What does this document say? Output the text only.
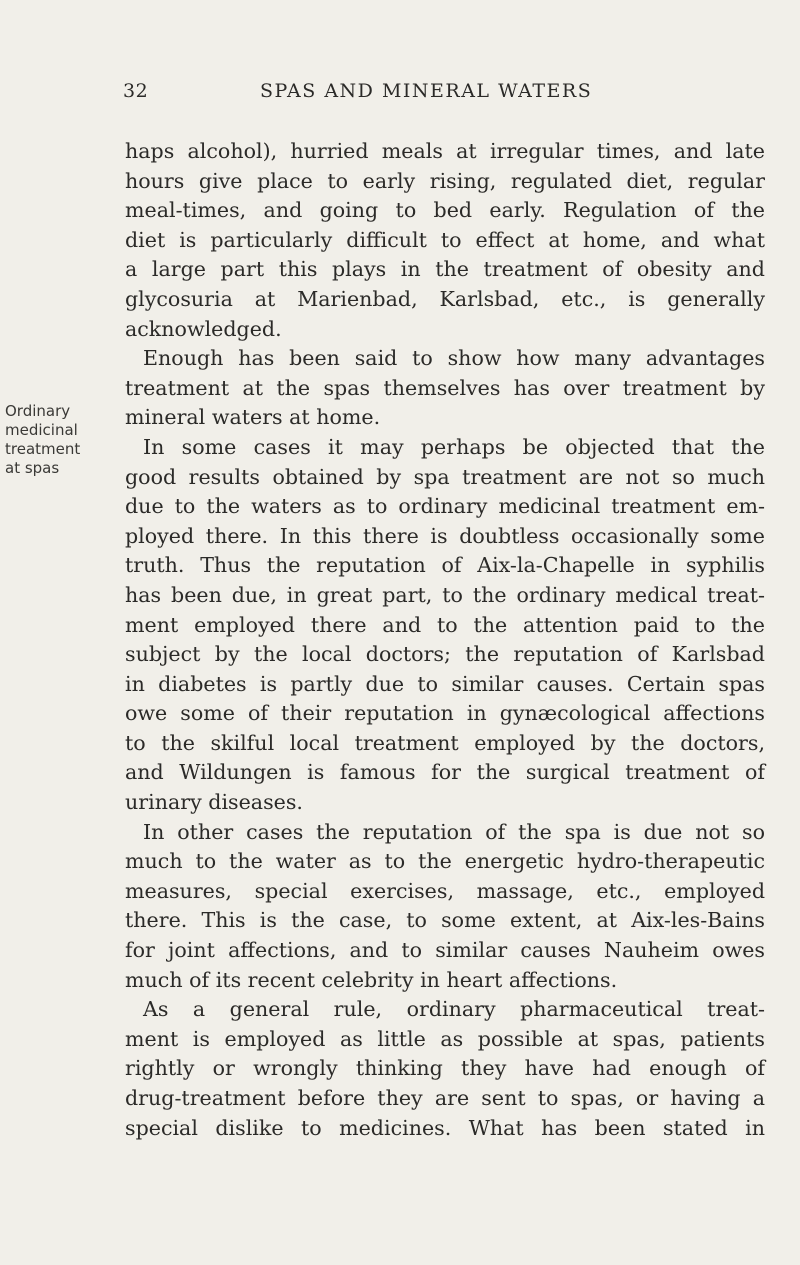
32	SPAS AND MINERAL WATERS
Ordinary
medicinal
treatment
at spas
haps alcohol), hurried meals at irregular times, and late
hours give place to early rising, regulated diet, regular
meal-times, and going to bed early. Regulation of the
diet is particularly difficult to effect at home, and what
a large part this plays in the treatment of obesity and
glycosuria at Marienbad, Karlsbad, etc., is generally
acknowledged.
Enough has been said to show how many advantages
treatment at the spas themselves has over treatment by
mineral waters at home.
In some cases it may perhaps be objected that the
good results obtained by spa treatment are not so much
due to the waters as to ordinary medicinal treatment em-
ployed there. In this there is doubtless occasionally some
truth. Thus the reputation of Aix-la-Chapelle in syphilis
has been due, in great part, to the ordinary medical treat-
ment employed there and to the attention paid to the
subject by the local doctors; the reputation of Karlsbad
in diabetes is partly due to similar causes. Certain spas
owe some of their reputation in gynæcological affections
to the skilful local treatment employed by the doctors,
and Wildungen is famous for the surgical treatment of
urinary diseases.
In other cases the reputation of the spa is due not so
much to the water as to the energetic hydro-therapeutic
measures, special exercises, massage, etc., employed
there. This is the case, to some extent, at Aix-les-Bains
for joint affections, and to similar causes Nauheim owes
much of its recent celebrity in heart affections.
As a general rule, ordinary pharmaceutical treat-
ment is employed as little as possible at spas, patients
rightly or wrongly thinking they have had enough of
drug-treatment before they are sent to spas, or having a
special dislike to medicines. What has been stated in
